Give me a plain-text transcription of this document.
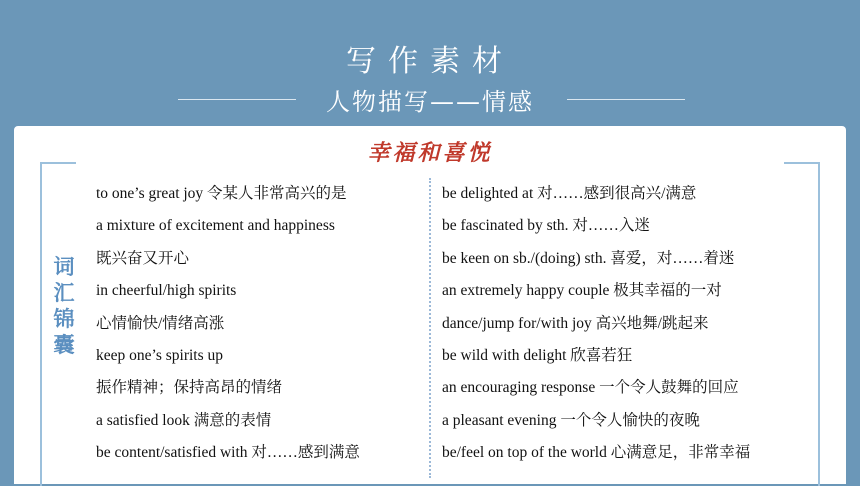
写作素材
人物描写——情感
幸福和喜悦
词
汇
锦
囊
to one’s great joy 令某人非常高兴的是
a mixture of excitement and happiness
既兴奋又开心
in cheerful/high spirits
心情愉快/情绪高涨
keep one’s spirits up
振作精神；保持高昂的情绪
a satisfied look 满意的表情
be content/satisfied with 对……感到满意
be delighted at 对……感到很高兴/满意
be fascinated by sth. 对……入迷
be keen on sb./(doing) sth. 喜爱，对……着迷
an extremely happy couple 极其幸福的一对
dance/jump for/with joy 高兴地舞/跳起来
be wild with delight 欣喜若狂
an encouraging response 一个令人鼓舞的回应
a pleasant evening 一个令人愉快的夜晚
be/feel on top of the world 心满意足，非常幸福
